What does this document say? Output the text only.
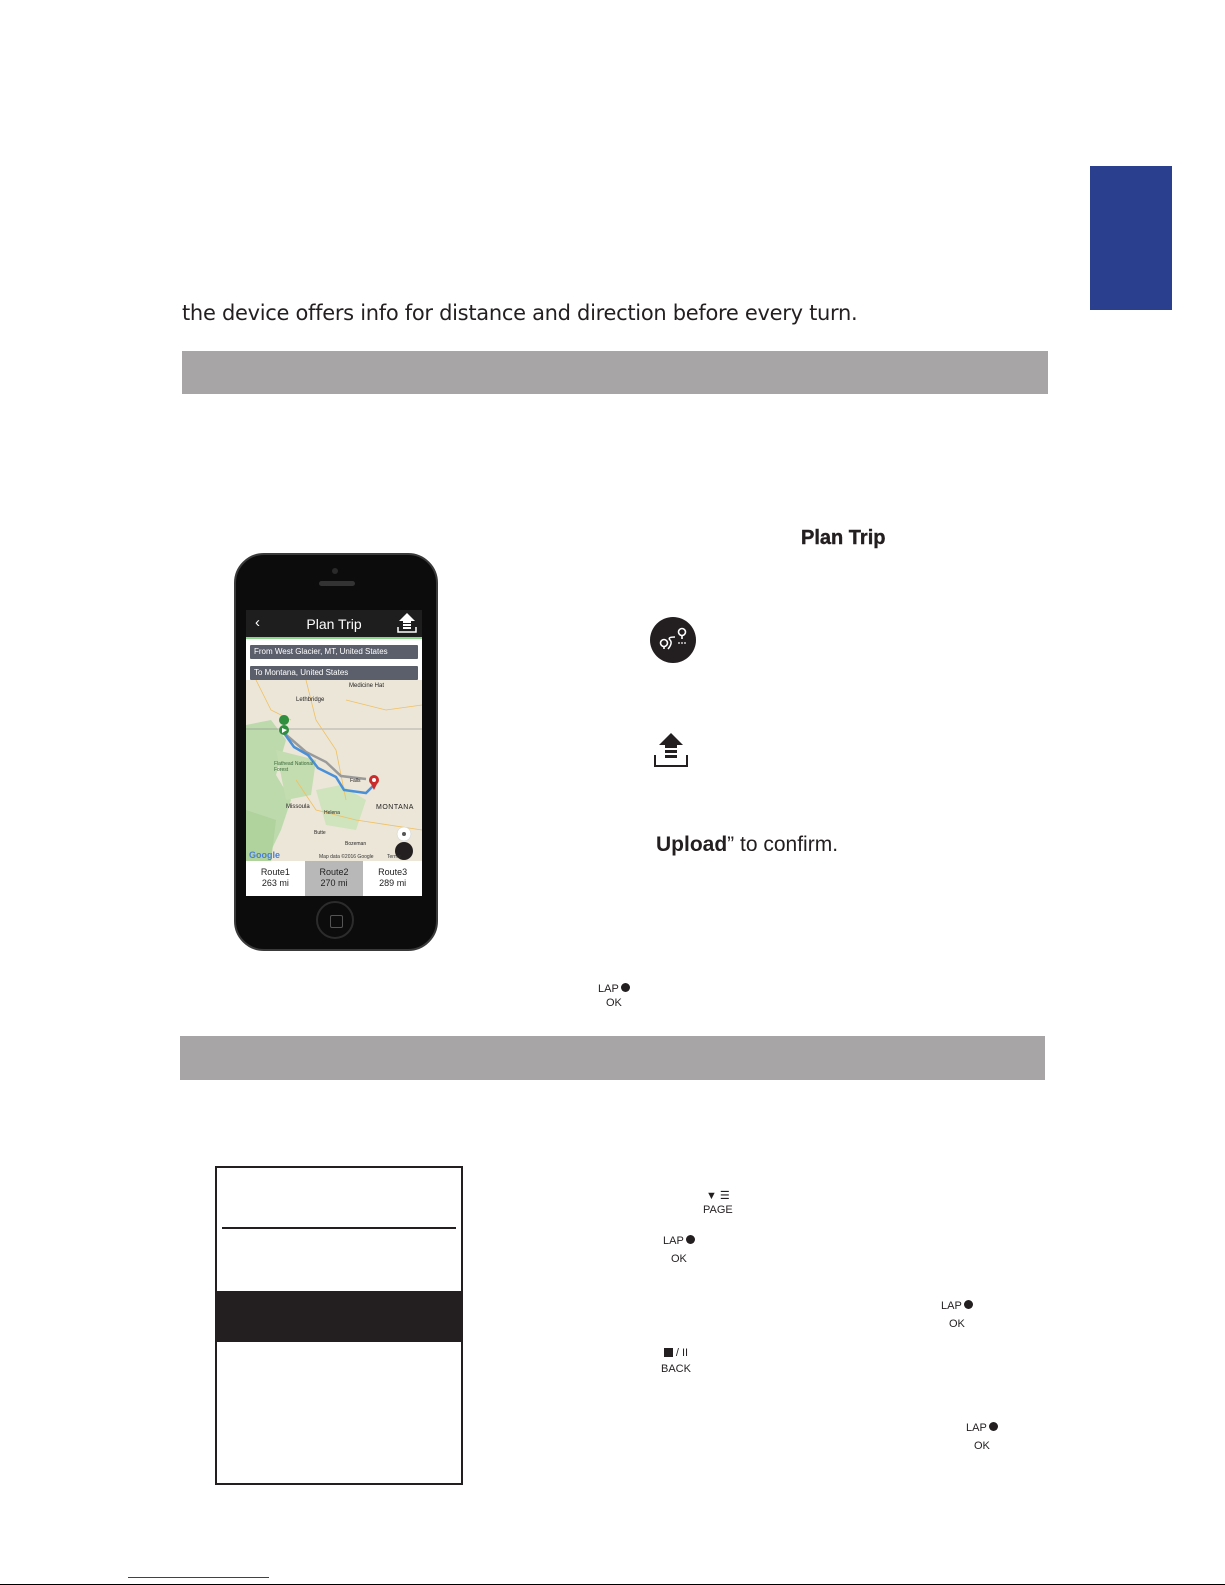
the device offers info for distance and direction before every turn.
‹	Plan Trip
From West Glacier, MT, United States
To Montana, United States
Medicine Hat
Lethbridge
Flathead National Forest
Falls
MONTANA
Missoula
Helena
Butte
Bozeman
Google	Map data ©2016 Google	Terms
Route1
263 mi
Route2
270 mi
Route3
289 mi
Plan Trip
Upload” to confirm.
LAP
OK
▼ ☰
PAGE
LAP
OK
LAP
OK
/ II
BACK
LAP
OK
